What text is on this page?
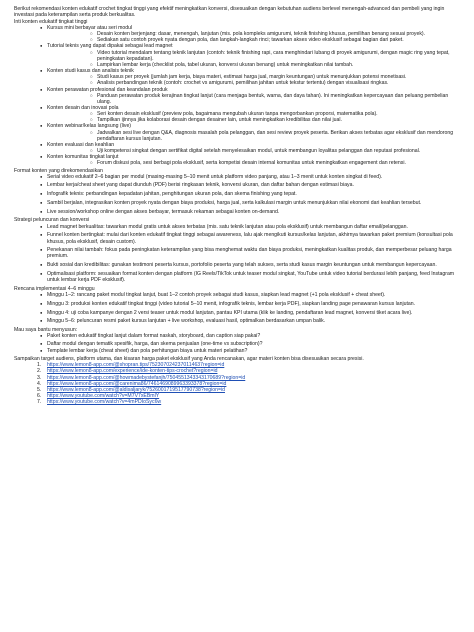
Berikut rekomendasi konten edukatif crochet tingkat tinggi yang efektif meningkatkan konversi, disesuaikan dengan kebutuhan audiens berlevel menengah-advanced dan pembeli yang ingin investasi pada keterampilan serta produk berkualitas.

Inti konten edukatif tingkat tinggi

● Kursus mini berbayar atau seri modul
○ Desain konten berjenjang: dasar, menengah, lanjutan (mis. pola kompleks amigurumi, teknik finishing khusus, pemilihan benang sesuai proyek).
○ Sediakan satu contoh proyek nyata dengan pola, dan langkah-langkah rinci; tawarkan akses video eksklusif sebagai bagian dari paket.
● Tutorial teknis yang dapat dipakai sebagai lead magnet
○ Video tutorial mendalam tentang teknik lanjutan (contoh: teknik finishing rapi, cara menghindari lubang di proyek amigurumi, dengan magic ring yang tepat, peningkatan kepadatan).
○ Lampirkan lembar kerja (checklist pola, tabel ukuran, konversi ukuran benang) untuk meningkatkan nilai tambah.
● Konten studi kasus dan analisis teknik
○ Studi kasus per proyek (jumlah jam kerja, biaya materi, estimasi harga jual, margin keuntungan) untuk menunjukkan potensi monetisasi.
○ Analisis perbandingan teknik (contoh: crochet vs amigurumi, pemilihan jahitan untuk tekstur tertentu) dengan visualisasi ringkas.
● Konten perawatan profesional dan keandalan produk
○ Panduan perawatan produk kerajinan tingkat lanjut (cara menjaga bentuk, warna, dan daya tahan). Ini meningkatkan kepercayaan dan peluang pembelian ulang.
● Konten desain dan inovasi pola
○ Seri konten desain eksklusif (preview pola, bagaimana mengubah ukuran tanpa mengorbankan proporsi, matematika pola).
○ Tampilkan ijinnya jika kolaborasi desain dengan desainer lain, untuk meningkatkan kredibilitas dan nilai jual.
● Konten webinar/kelas langsung (live)
○ Jadwalkan sesi live dengan Q&A, diagnosis masalah pola pelanggan, dan sesi review proyek peserta. Berikan akses terbatas agar eksklusif dan mendorong pendaftaran kursus lanjutan.
● Konten evaluasi dan keahlian
○ Uji kompetensi singkat dengan sertifikat digital setelah menyelesaikan modul, untuk membangun loyalitas pelanggan dan reputasi profesional.
● Konten komunitas tingkat lanjut
○ Forum diskusi pola, sesi berbagi pola eksklusif, serta kompetisi desain internal komunitas untuk meningkatkan engagement dan retensi.

Format konten yang direkomendasikan

● Serial video edukatif 2–6 bagian per modul (masing-masing 5–10 menit untuk platform video panjang, atau 1–3 menit untuk konten singkat di feed).
● Lembar kerja/cheat sheet yang dapat diunduh (PDF) berisi ringkasan teknik, konversi ukuran, dan daftar bahan dengan estimasi biaya.
● Infografik teknis: perbandingan kepadatan jahitan, penghitungan ukuran pola, dan skema finishing yang tepat.
● Sambil berjalan, integrasikan konten proyek nyata dengan biaya produksi, harga jual, serta kalkulasi margin untuk menunjukkan nilai ekonomi dari keahlian tersebut.
● Live session/workshop online dengan akses berbayar, termasuk rekaman sebagai konten on-demand.

Strategi peluncuran dan konversi

● Lead magnet berkualitas: tawarkan modul gratis untuk akses terbatas (mis. satu teknik lanjutan atau pola eksklusif) untuk membangun daftar email/pelanggan.
● Funnel konten bertingkat: mulai dari konten edukatif tingkat tinggi sebagai awareness, lalu ajak mengikuti kursus/kelas lanjutan, akhirnya tawarkan paket premium (konsultasi pola khusus, pola eksklusif, desain custom).
● Penekanan nilai tambah: fokus pada peningkatan keterampilan yang bisa menghemat waktu dan biaya produksi, meningkatkan kualitas produk, dan memperbesar peluang harga premium.
● Bukti sosial dan kredibilitas: gunakan testimoni peserta kursus, portofolio peserta yang telah sukses, serta studi kasus margin keuntungan untuk membangun kepercayaan.
● Optimalisasi platform: sesuaikan format konten dengan platform (IG Reels/TikTok untuk teaser modul singkat, YouTube untuk video tutorial berdurasi lebih panjang, feed Instagram untuk lembar kerja PDF eksklusif).

Rencana implementasi 4–6 minggu

● Minggu 1–2: rancang paket modul tingkat lanjut, buat 1–2 contoh proyek sebagai studi kasus, siapkan lead magnet (+1 pola eksklusif + cheat sheet).
● Minggu 3: produksi konten edukatif tingkat tinggi (video tutorial 5–10 menit, infografik teknis, lembar kerja PDF), siapkan landing page penawaran kursus lanjutan.
● Minggu 4: uji coba kampanye dengan 2 versi teaser untuk modul lanjutan, pantau KPI utama (klik ke landing, pendaftaran lead magnet, konversi tiket acara live).
● Minggu 5–6: peluncuran resmi paket kursus lanjutan + live workshop, evaluasi hasil, optimalkan berdasarkan umpan balik.

Mau saya bantu menyusun:

● Paket konten edukatif tingkat lanjut dalam format naskah, storyboard, dan caption siap pakai?
● Daftar modul dengan tematik spesifik, harga, dan skema penjualan (one-time vs subscription)?
● Template lembar kerja (cheat sheet) dan pola perhitungan biaya untuk materi pelatihan?

Sampaikan target audiens, platform utama, dan kisaran harga paket eksklusif yang Anda rencanakan, agar materi konten bisa disesuaikan secara presisi.

1. https://www.lemon8-app.com/@shopran.tips/7523070242370114637region=id
2. https://www.lemon8-app.com/experience/ide-konten-tips-crochet?region=id
3. https://www.lemon8-app.com/@howmadebystefanjh/7504551343343170689?region=id
4. https://www.lemon8-app.com/@carenima86/7461469089963393378?region=id
5. https://www.lemon8-app.com/@aldisaljaryk/7526001719517790738?region=id
6. https://www.youtube.com/watch?v=M7V7xEBmlY
7. https://www.youtube.com/watch?v=4mPDIoSyc6w
